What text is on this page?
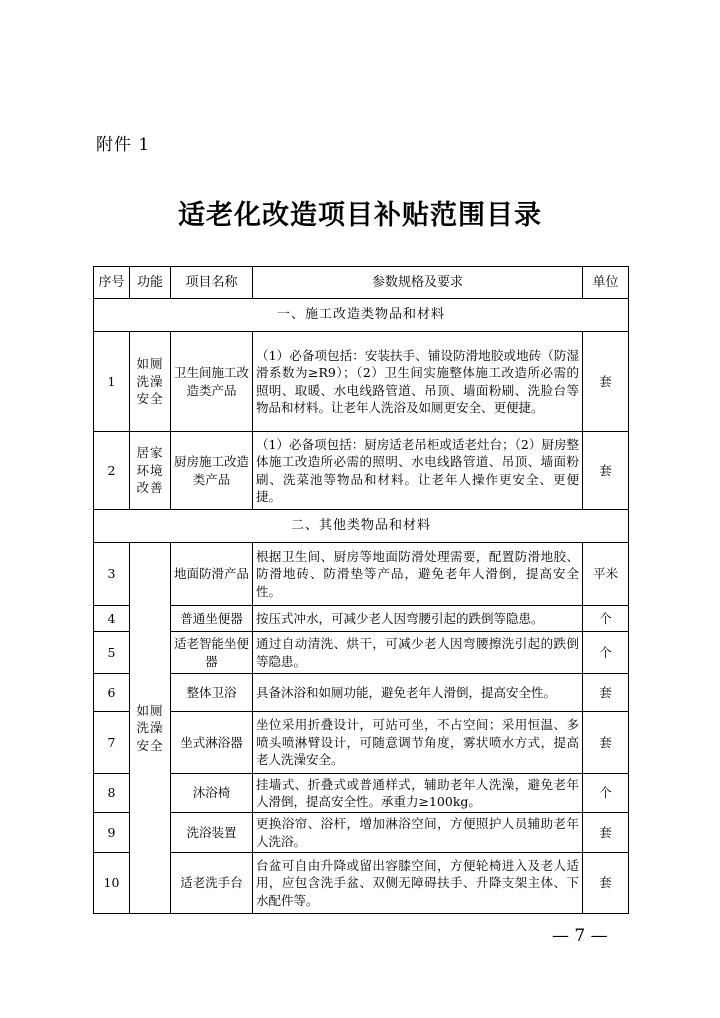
附件 1
适老化改造项目补贴范围目录
序号	功能	项目名称	参数规格及要求	单位
一、施工改造类物品和材料				
1	如厕洗澡安全	卫生间施工改造类产品	（1）必备项包括：安装扶手、铺设防滑地胶或地砖（防湿滑系数为≥R9）；（2）卫生间实施整体施工改造所必需的照明、取暖、水电线路管道、吊顶、墙面粉刷、洗脸台等物品和材料。让老年人洗浴及如厕更安全、更便捷。	套
2	居家环境改善	厨房施工改造类产品	（1）必备项包括：厨房适老吊柜或适老灶台；（2）厨房整体施工改造所必需的照明、水电线路管道、吊顶、墙面粉刷、洗菜池等物品和材料。让老年人操作更安全、更便捷。	套
二、其他类物品和材料				
3	如厕洗澡安全	地面防滑产品	根据卫生间、厨房等地面防滑处理需要，配置防滑地胶、防滑地砖、防滑垫等产品，避免老年人滑倒，提高安全性。	平米
4		普通坐便器	按压式冲水，可减少老人因弯腰引起的跌倒等隐患。	个
5		适老智能坐便器	通过自动清洗、烘干，可减少老人因弯腰擦洗引起的跌倒等隐患。	个
6		整体卫浴	具备沐浴和如厕功能，避免老年人滑倒，提高安全性。	套
7		坐式淋浴器	坐位采用折叠设计，可站可坐，不占空间；采用恒温、多喷头喷淋臂设计，可随意调节角度，雾状喷水方式，提高老人洗澡安全。	套
8		沐浴椅	挂墙式、折叠式或普通样式，辅助老年人洗澡，避免老年人滑倒，提高安全性。承重力≥100kg。	个
9		洗浴装置	更换浴帘、浴杆，增加淋浴空间，方便照护人员辅助老年人洗浴。	套
10		适老洗手台	台盆可自由升降或留出容膝空间，方便轮椅进入及老人适用，应包含洗手盆、双侧无障碍扶手、升降支架主体、下水配件等。	套
— 7 —
